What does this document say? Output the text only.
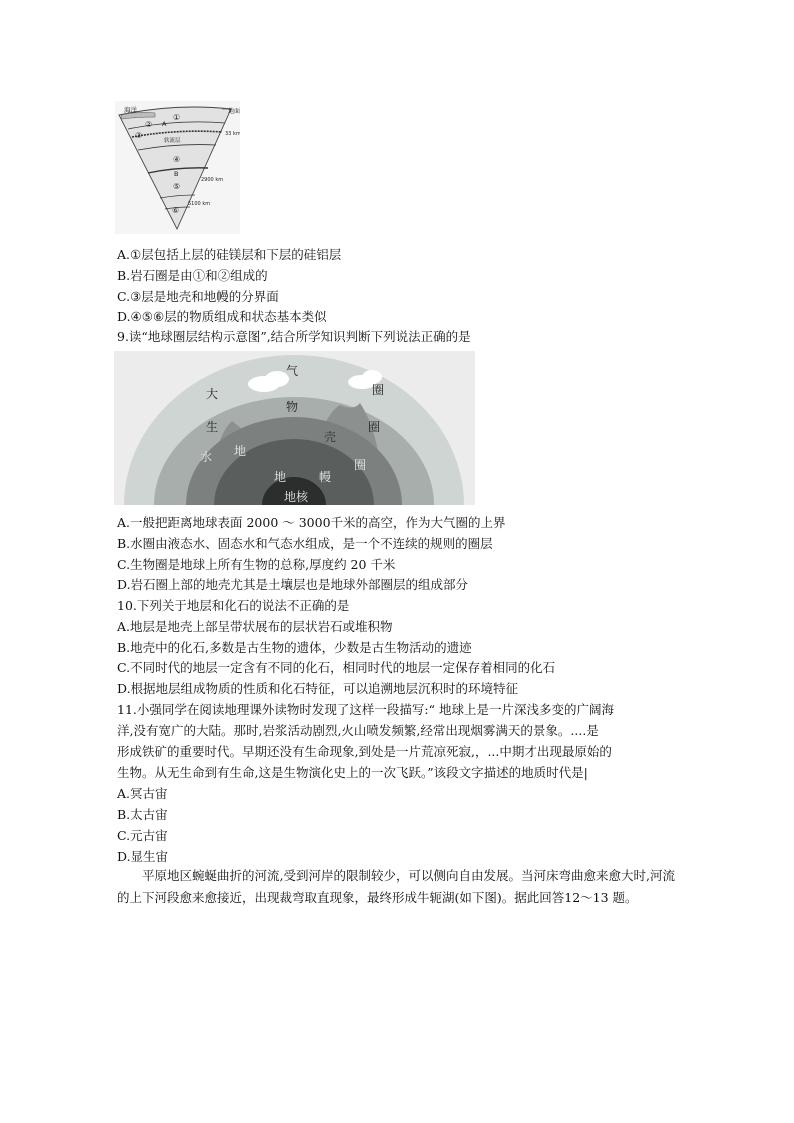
海洋	地面
①
② A
③
软流层
33 km
④
B
2900 km
⑤
5100 km
⑥
A.①层包括上层的硅镁层和下层的硅铝层
B.岩石圈是由①和②组成的
C.③层是地壳和地幔的分界面
D.④⑤⑥层的物质组成和状态基本类似
9.读“地球圈层结构示意图”,结合所学知识判断下列说法正确的是
大
气
圈
物
圈
生
壳
水 地
地	幔
圈
地核
A.一般把距离地球表面 2000 ～ 3000千米的高空，作为大气圈的上界
B.水圈由液态水、固态水和气态水组成，是一个不连续的规则的圈层
C.生物圈是地球上所有生物的总称,厚度约 20 千米
D.岩石圈上部的地壳尤其是土壤层也是地球外部圈层的组成部分
10.下列关于地层和化石的说法不正确的是
A.地层是地壳上部呈带状展布的层状岩石或堆积物
B.地壳中的化石,多数是古生物的遗体，少数是古生物活动的遗迹
C.不同时代的地层一定含有不同的化石，相同时代的地层一定保存着相同的化石
D.根据地层组成物质的性质和化石特征，可以追溯地层沉积时的环境特征
11.小强同学在阅读地理课外读物时发现了这样一段描写:“ 地球上是一片深浅多变的广阔海
洋,没有宽广的大陆。那时,岩浆活动剧烈,火山喷发频繁,经常出现烟雾满天的景象。....是
形成铁矿的重要时代。早期还没有生命现象,到处是一片荒凉死寂,，...中期才出现最原始的
生物。从无生命到有生命,这是生物演化史上的一次飞跃。”该段文字描述的地质时代是|
A.冥古宙
B.太古宙
C.元古宙
D.显生宙
平原地区蜿蜒曲折的河流,受到河岸的限制较少，可以侧向自由发展。当河床弯曲愈来愈大时,河流的上下河段愈来愈接近，出现裁弯取直现象，最终形成牛轭湖(如下图)。据此回答12～13 题。
